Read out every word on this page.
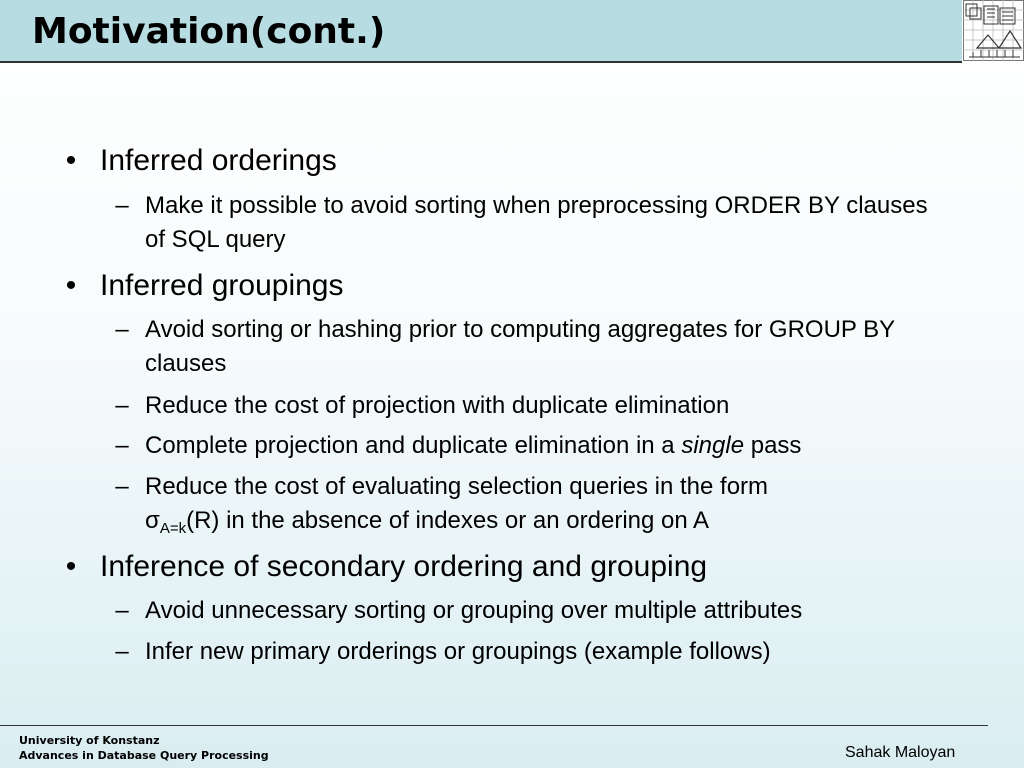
Motivation(cont.)
• Inferred orderings
– Make it possible to avoid sorting when preprocessing ORDER BY clauses of SQL query
• Inferred groupings
– Avoid sorting or hashing prior to computing aggregates for GROUP BY clauses
– Reduce the cost of projection with duplicate elimination
– Complete projection and duplicate elimination in a single pass
– Reduce the cost of evaluating selection queries in the form
$\sigma_{A=k}(R)$ in the absence of indexes or an ordering on A
• Inference of secondary ordering and grouping
– Avoid unnecessary sorting or grouping over multiple attributes
– Infer new primary orderings or groupings (example follows)
University of Konstanz
Advances in Database Query Processing	Sahak Maloyan
